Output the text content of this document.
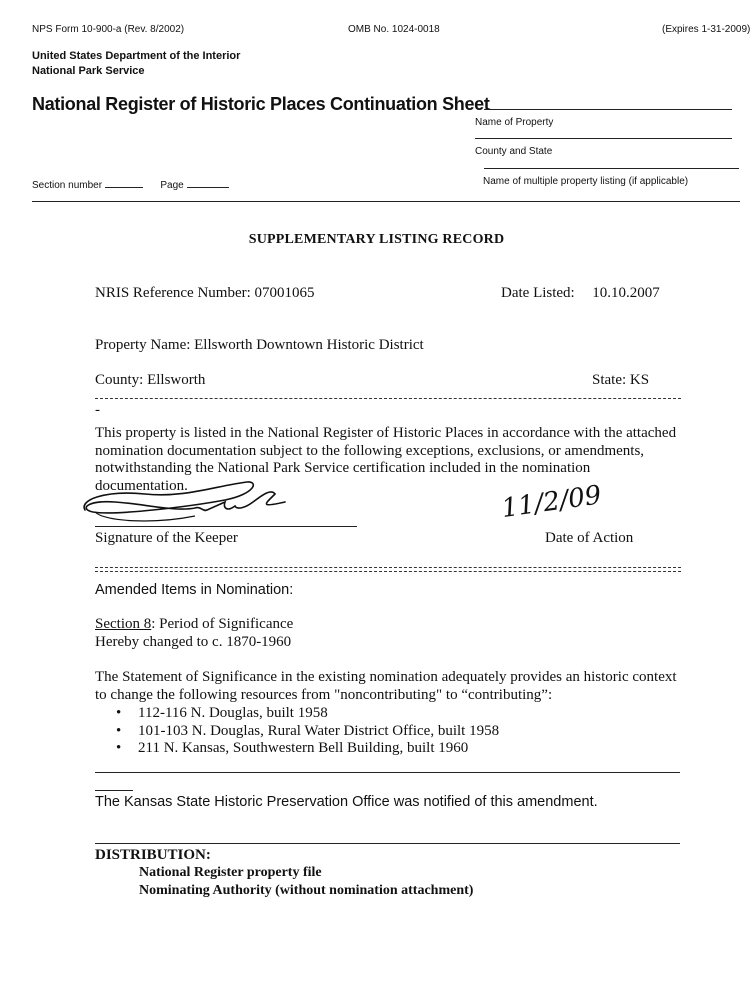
NPS Form 10-900-a (Rev. 8/2002)	OMB No. 1024-0018	(Expires 1-31-2009)
United States Department of the Interior
National Park Service
National Register of Historic Places Continuation Sheet
Name of Property
County and State
Name of multiple property listing (if applicable)
Section number	Page
SUPPLEMENTARY LISTING RECORD
NRIS Reference Number: 07001065	Date Listed: 10.10.2007
Property Name: Ellsworth Downtown Historic District
County: Ellsworth	State: KS
-
This property is listed in the National Register of Historic Places in accordance with the attached
nomination documentation subject to the following exceptions, exclusions, or amendments,
notwithstanding the National Park Service certification included in the nomination
documentation.
Signature of the Keeper
11/2/09
Date of Action
Amended Items in Nomination:
Section 8: Period of Significance
Hereby changed to c. 1870-1960
The Statement of Significance in the existing nomination adequately provides an historic context
to change the following resources from "noncontributing" to “contributing”:
• 112-116 N. Douglas, built 1958
• 101-103 N. Douglas, Rural Water District Office, built 1958
• 211 N. Kansas, Southwestern Bell Building, built 1960
The Kansas State Historic Preservation Office was notified of this amendment.
DISTRIBUTION:
National Register property file
Nominating Authority (without nomination attachment)
